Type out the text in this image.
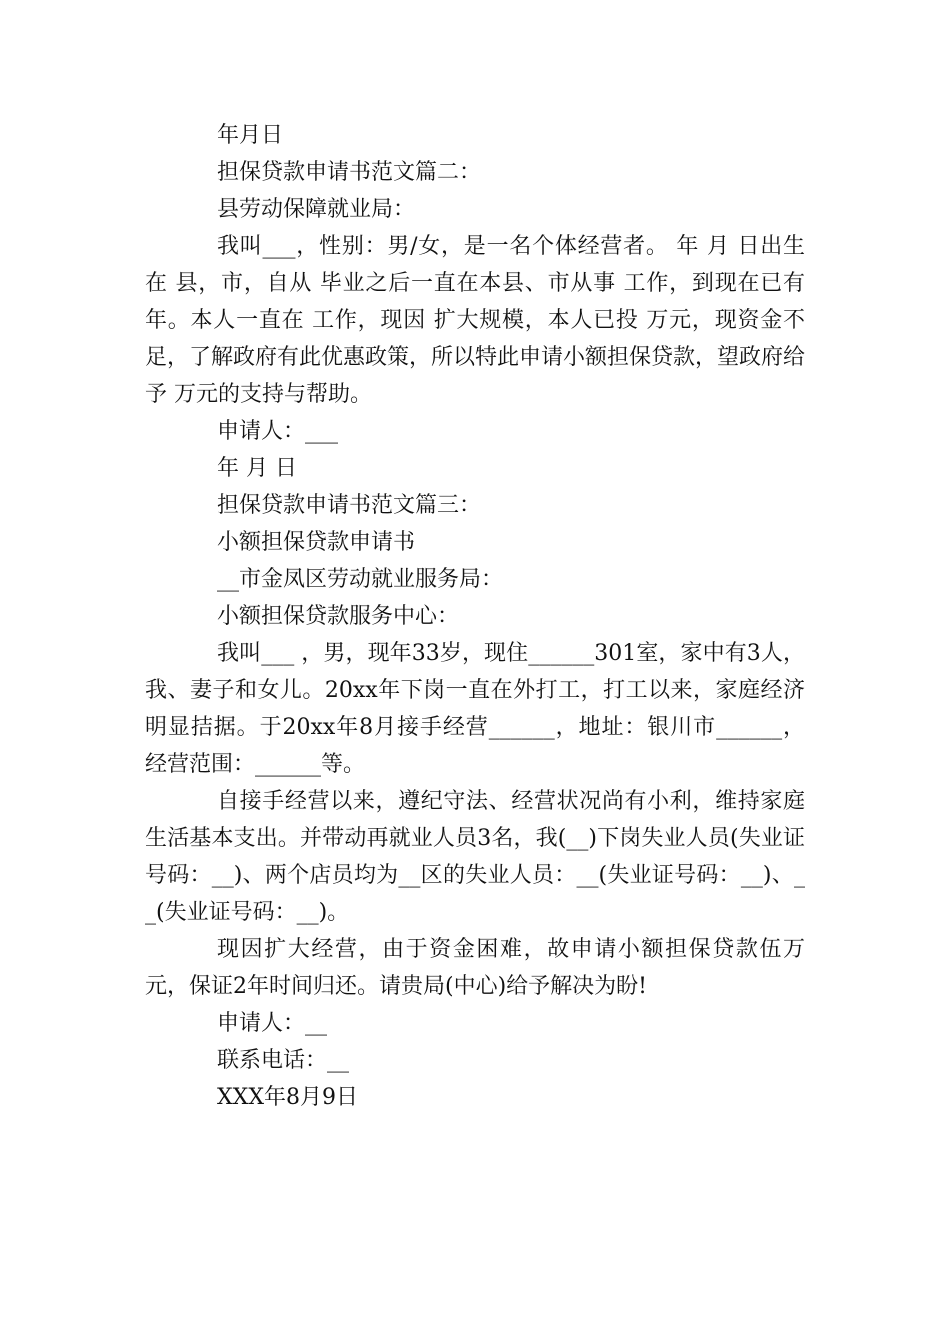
年月日

担保贷款申请书范文篇二：

县劳动保障就业局：

我叫___，性别：男/女，是一名个体经营者。 年 月 日出生在 县，市，自从 毕业之后一直在本县、市从事 工作，到现在已有 年。本人一直在 工作，现因 扩大规模，本人已投 万元，现资金不足，了解政府有此优惠政策，所以特此申请小额担保贷款，望政府给予 万元的支持与帮助。

申请人：___

年 月 日

担保贷款申请书范文篇三：

小额担保贷款申请书

__市金凤区劳动就业服务局：

小额担保贷款服务中心：

我叫___ ，男，现年33岁，现住______301室，家中有3人，我、妻子和女儿。20xx年下岗一直在外打工，打工以来，家庭经济明显拮据。于20xx年8月接手经营______，地址：银川市______，经营范围：______等。

自接手经营以来，遵纪守法、经营状况尚有小利，维持家庭生活基本支出。并带动再就业人员3名，我(__)下岗失业人员(失业证号码：__)、两个店员均为__区的失业人员：__(失业证号码：__)、__(失业证号码：__)。

现因扩大经营，由于资金困难，故申请小额担保贷款伍万元，保证2年时间归还。请贵局(中心)给予解决为盼!

申请人：__

联系电话：__

XXX年8月9日
